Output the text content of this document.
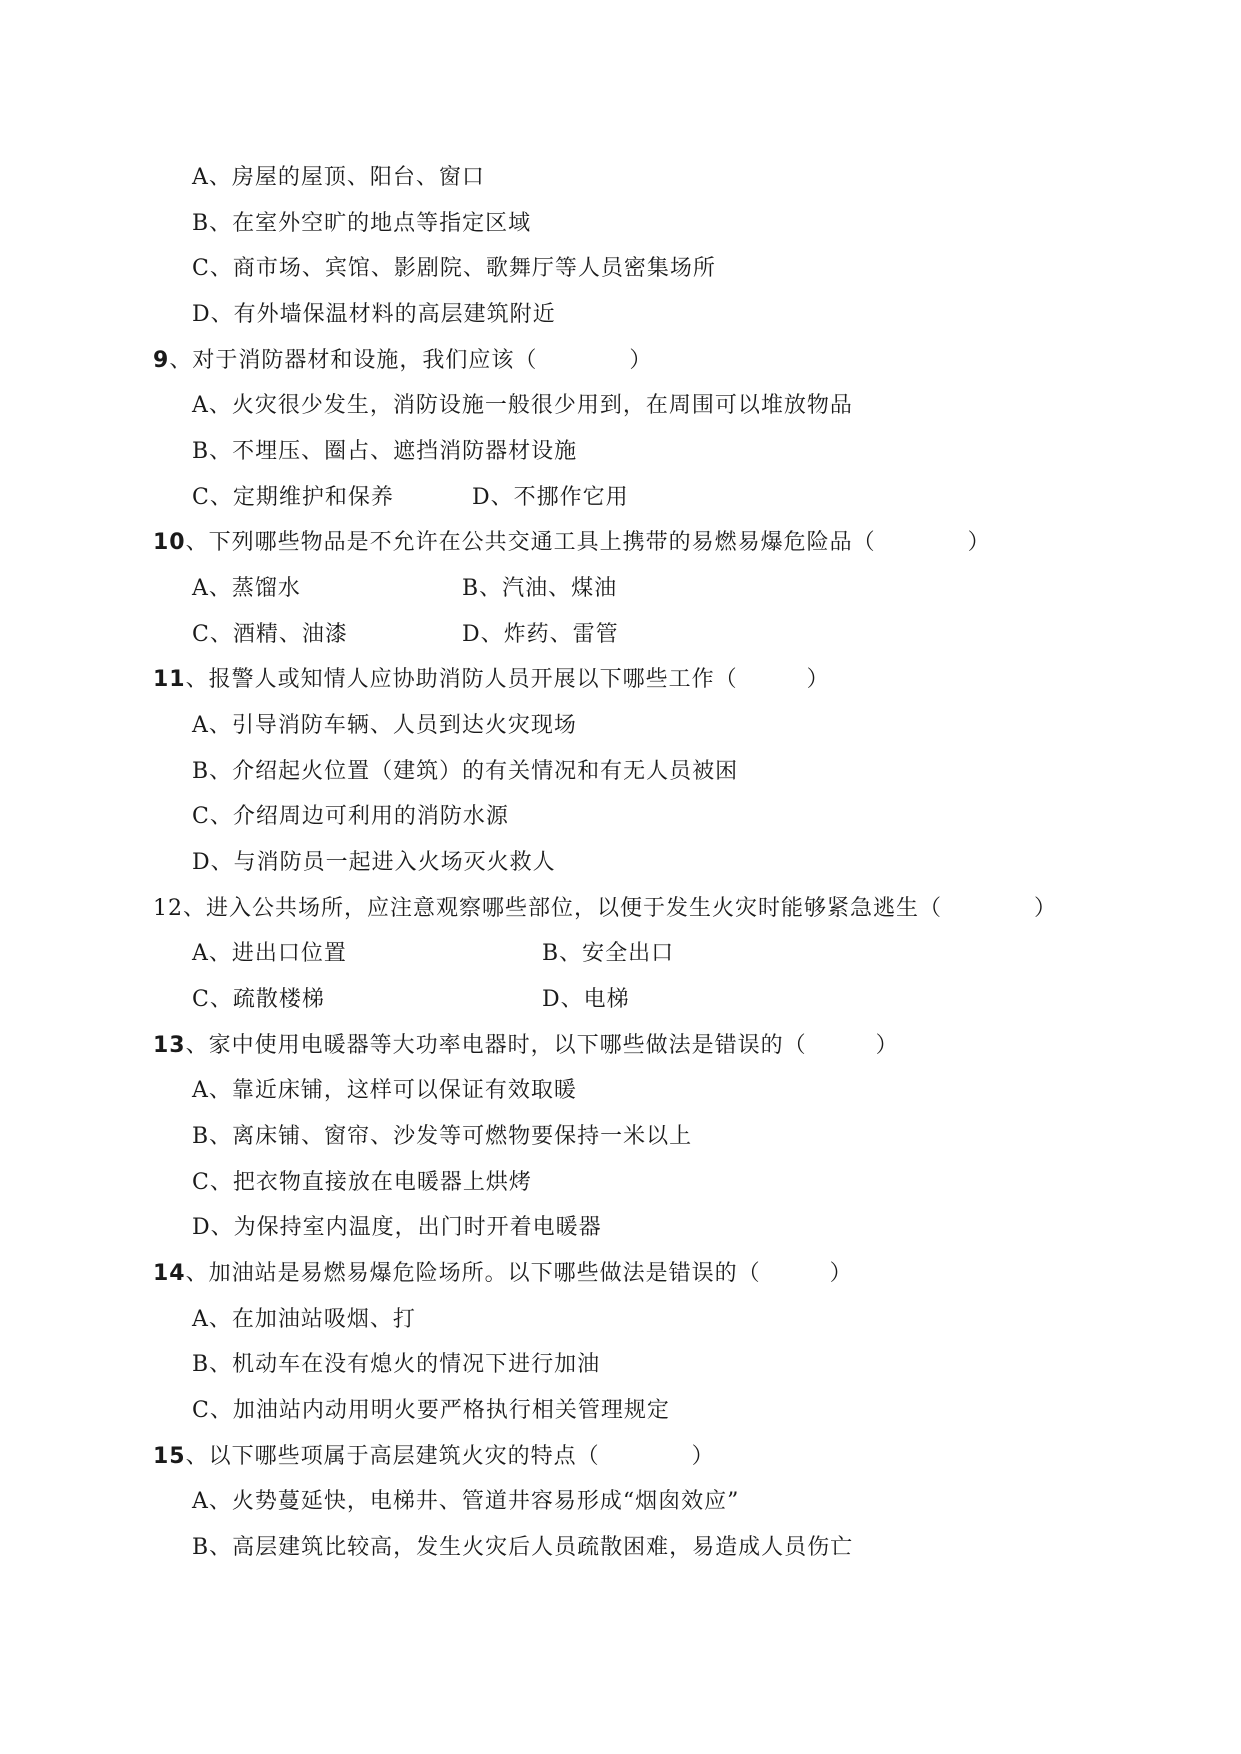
A、房屋的屋顶、阳台、窗口
B、在室外空旷的地点等指定区域
C、商市场、宾馆、影剧院、歌舞厅等人员密集场所
D、有外墙保温材料的高层建筑附近
9、对于消防器材和设施，我们应该（　　　　）
A、火灾很少发生，消防设施一般很少用到，在周围可以堆放物品
B、不埋压、圈占、遮挡消防器材设施
C、定期维护和保养	D、不挪作它用
10、下列哪些物品是不允许在公共交通工具上携带的易燃易爆危险品（　　　　）
A、蒸馏水	B、汽油、煤油
C、酒精、油漆	D、炸药、雷管
11、报警人或知情人应协助消防人员开展以下哪些工作（　　　）
A、引导消防车辆、人员到达火灾现场
B、介绍起火位置（建筑）的有关情况和有无人员被困
C、介绍周边可利用的消防水源
D、与消防员一起进入火场灭火救人
12、进入公共场所，应注意观察哪些部位，以便于发生火灾时能够紧急逃生（　　　　）
A、进出口位置	B、安全出口
C、疏散楼梯	D、电梯
13、家中使用电暖器等大功率电器时，以下哪些做法是错误的（　　　）
A、靠近床铺，这样可以保证有效取暖
B、离床铺、窗帘、沙发等可燃物要保持一米以上
C、把衣物直接放在电暖器上烘烤
D、为保持室内温度，出门时开着电暖器
14、加油站是易燃易爆危险场所。以下哪些做法是错误的（　　　）
A、在加油站吸烟、打
B、机动车在没有熄火的情况下进行加油
C、加油站内动用明火要严格执行相关管理规定
15、以下哪些项属于高层建筑火灾的特点（　　　　）
A、火势蔓延快，电梯井、管道井容易形成“烟囱效应”
B、高层建筑比较高，发生火灾后人员疏散困难，易造成人员伤亡
